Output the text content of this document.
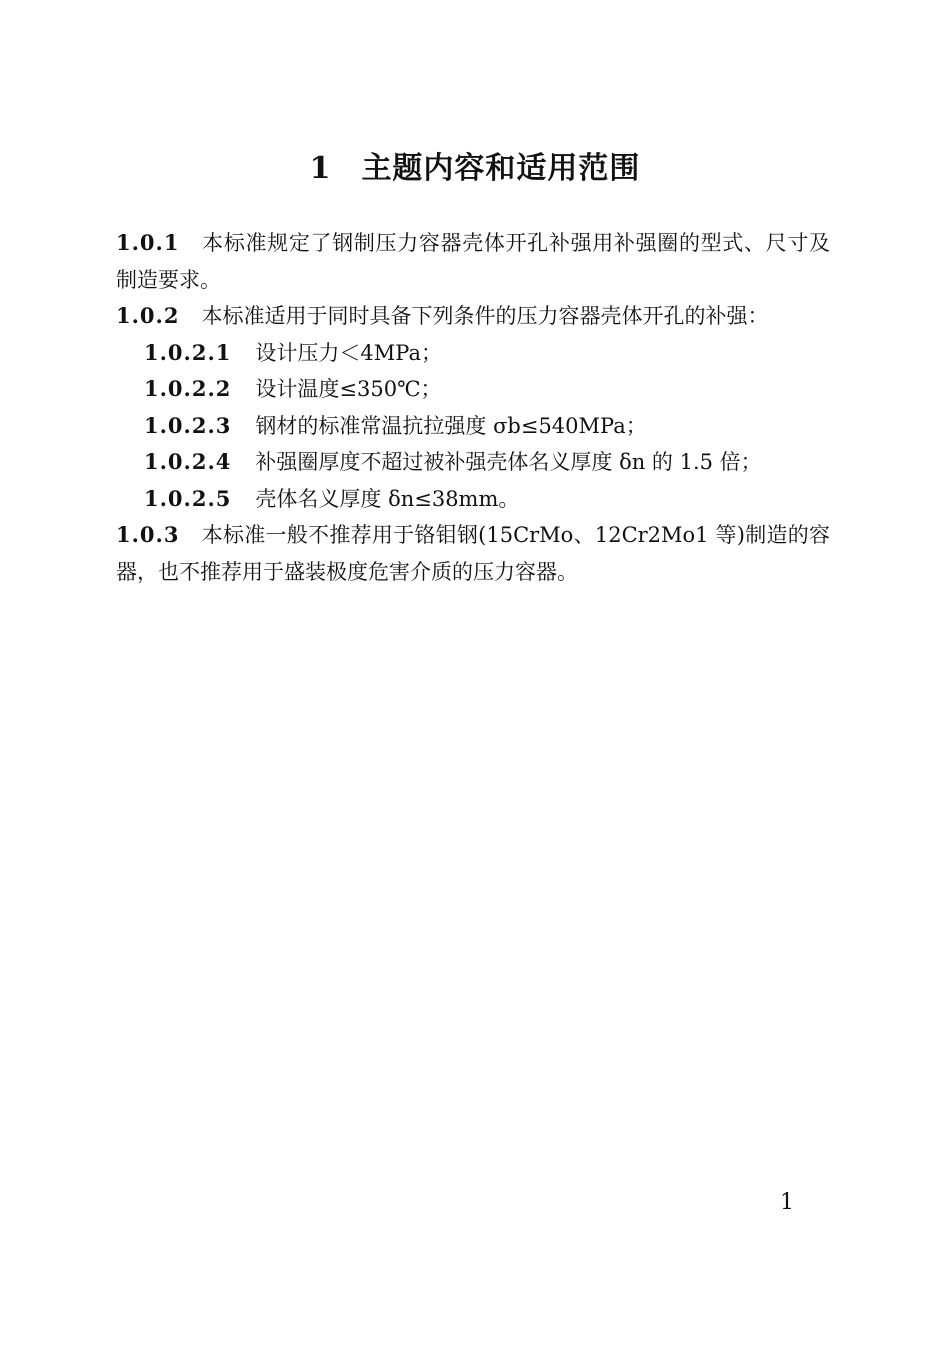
1 主题内容和适用范围

1.0.1 本标准规定了钢制压力容器壳体开孔补强用补强圈的型式、尺寸及制造要求。

1.0.2 本标准适用于同时具备下列条件的压力容器壳体开孔的补强：

1.0.2.1 设计压力＜4MPa；

1.0.2.2 设计温度≤350℃；

1.0.2.3 钢材的标准常温抗拉强度 σb≤540MPa；

1.0.2.4 补强圈厚度不超过被补强壳体名义厚度 δn 的 1.5 倍；

1.0.2.5 壳体名义厚度 δn≤38mm。

1.0.3 本标准一般不推荐用于铬钼钢(15CrMo、12Cr2Mo1 等)制造的容器，也不推荐用于盛装极度危害介质的压力容器。

1
